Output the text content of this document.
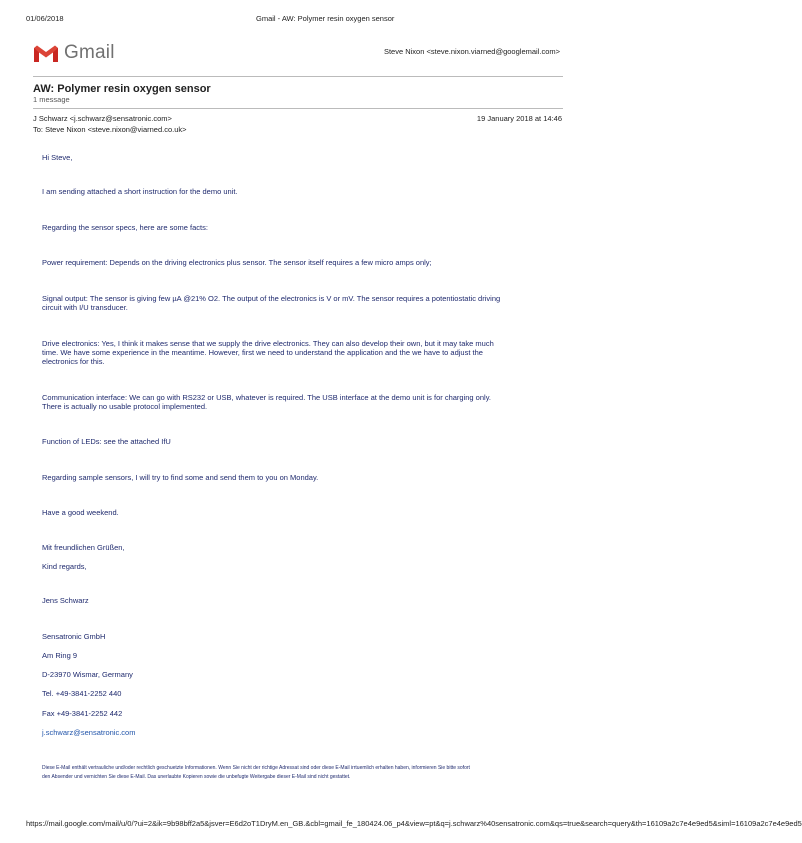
01/06/2018	Gmail - AW: Polymer resin oxygen sensor
Gmail	Steve Nixon <steve.nixon.viarned@googlemail.com>
AW: Polymer resin oxygen sensor
1 message
J Schwarz <j.schwarz@sensatronic.com>	19 January 2018 at 14:46
To: Steve Nixon <steve.nixon@viarned.co.uk>
Hi Steve,
I am sending attached a short instruction for the demo unit.
Regarding the sensor specs, here are some facts:
Power requirement: Depends on the driving electronics plus sensor. The sensor itself requires a few micro amps only;
Signal output: The sensor is giving few µA @21% O2. The output of the electronics is V or mV. The sensor requires a potentiostatic driving
circuit with I/U transducer.
Drive electronics: Yes, I think it makes sense that we supply the drive electronics. They can also develop their own, but it may take much
time. We have some experience in the meantime. However, first we need to understand the application and the we have to adjust the
electronics for this.
Communication interface: We can go with RS232 or USB, whatever is required. The USB interface at the demo unit is for charging only.
There is actually no usable protocol implemented.
Function of LEDs: see the attached IfU
Regarding sample sensors, I will try to find some and send them to you on Monday.
Have a good weekend.
Mit freundlichen Grüßen,
Kind regards,
Jens Schwarz
Sensatronic GmbH
Am Ring 9
D-23970 Wismar, Germany
Tel. +49-3841-2252 440
Fax +49-3841-2252 442
j.schwarz@sensatronic.com
Diese E-Mail enthält vertrauliche und/oder rechtlich geschuetzte Informationen. Wenn Sie nicht der richtige Adressat sind oder diese E-Mail irrtuemlich erhalten haben, informieren Sie bitte sofort
den Absender und vernichten Sie diese E-Mail. Das unerlaubte Kopieren sowie die unbefugte Weitergabe dieser E-Mail sind nicht gestattet.
https://mail.google.com/mail/u/0/?ui=2&ik=9b98bff2a5&jsver=E6d2oT1DryM.en_GB.&cbl=gmail_fe_180424.06_p4&view=pt&q=j.schwarz%40sensatronic.com&qs=true&search=query&th=16109a2c7e4e9ed5&siml=16109a2c7e4e9ed5
